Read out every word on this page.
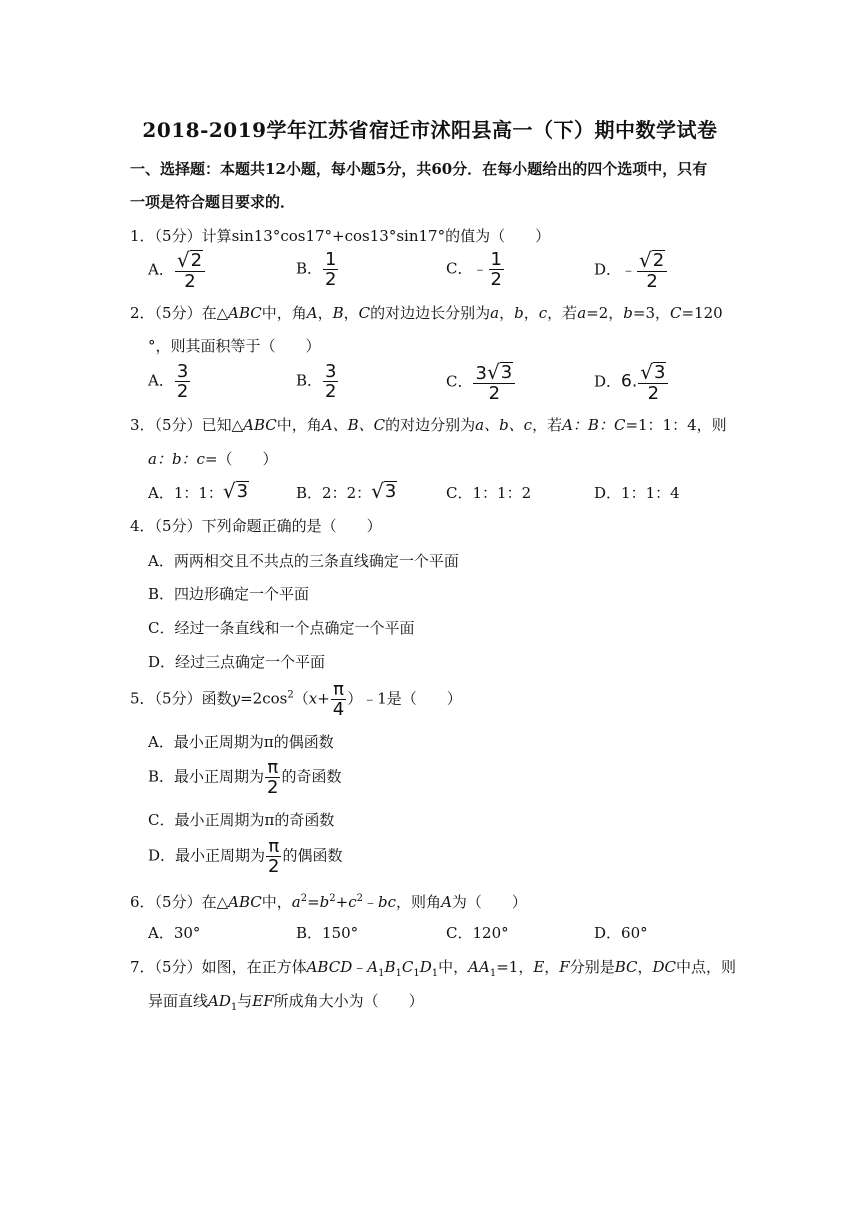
2018-2019学年江苏省宿迁市沭阳县高一（下）期中数学试卷
一、选择题：本题共12小题，每小题5分，共60分．在每小题给出的四个选项中，只有
一项是符合题目要求的．
1．（5分）计算sin13°cos17°+cos13°sin17°的值为（　　）
A． $\frac{√ 2}{2}$	B． $\frac{1}{2}$	C．﹣ $\frac{1}{2}$	D．﹣ $\frac{√ 2}{2}$
2．（5分）在△ABC中，角A，B，C的对边边长分别为a，b，c，若a=2，b=3，C=120
°，则其面积等于（　　）
A． $\frac{3}{2}$	B． $\frac{3}{2}$	C． $\frac{3 √ 3}{2}$	D．6. $\frac{√ 3}{2}$
3．（5分）已知△ABC中，角A、B、C的对边分别为a、b、c，若A：B：C=1：1：4，则
a：b：c=（　　）
A．1：1： √ 3	B．2：2： √ 3	C．1：1：2	D．1：1：4
4．（5分）下列命题正确的是（　　）
A．两两相交且不共点的三条直线确定一个平面
B．四边形确定一个平面
C．经过一条直线和一个点确定一个平面
D．经过三点确定一个平面
5．（5分）函数$y=2\cos^2(x+ \frac{\pi}{4}$ ）﹣1是（　　）
A．最小正周期为π的偶函数
B．最小正周期为 $\frac{\pi}{2}$ 的奇函数
C．最小正周期为π的奇函数
D．最小正周期为 $\frac{\pi}{2}$ 的偶函数
6．（5分）在△ABC中，$a^2=b^2+c^2﹣bc$，则角A为（　　）
A．30°	B．150°	C．120°	D．60°
7．（5分）如图，在正方体$ABCD﹣A_1B_1C_1D_1$中，$AA_1=1$，E，F分别是BC，DC中点，则
异面直线$AD_1$与EF所成角大小为（　　）
